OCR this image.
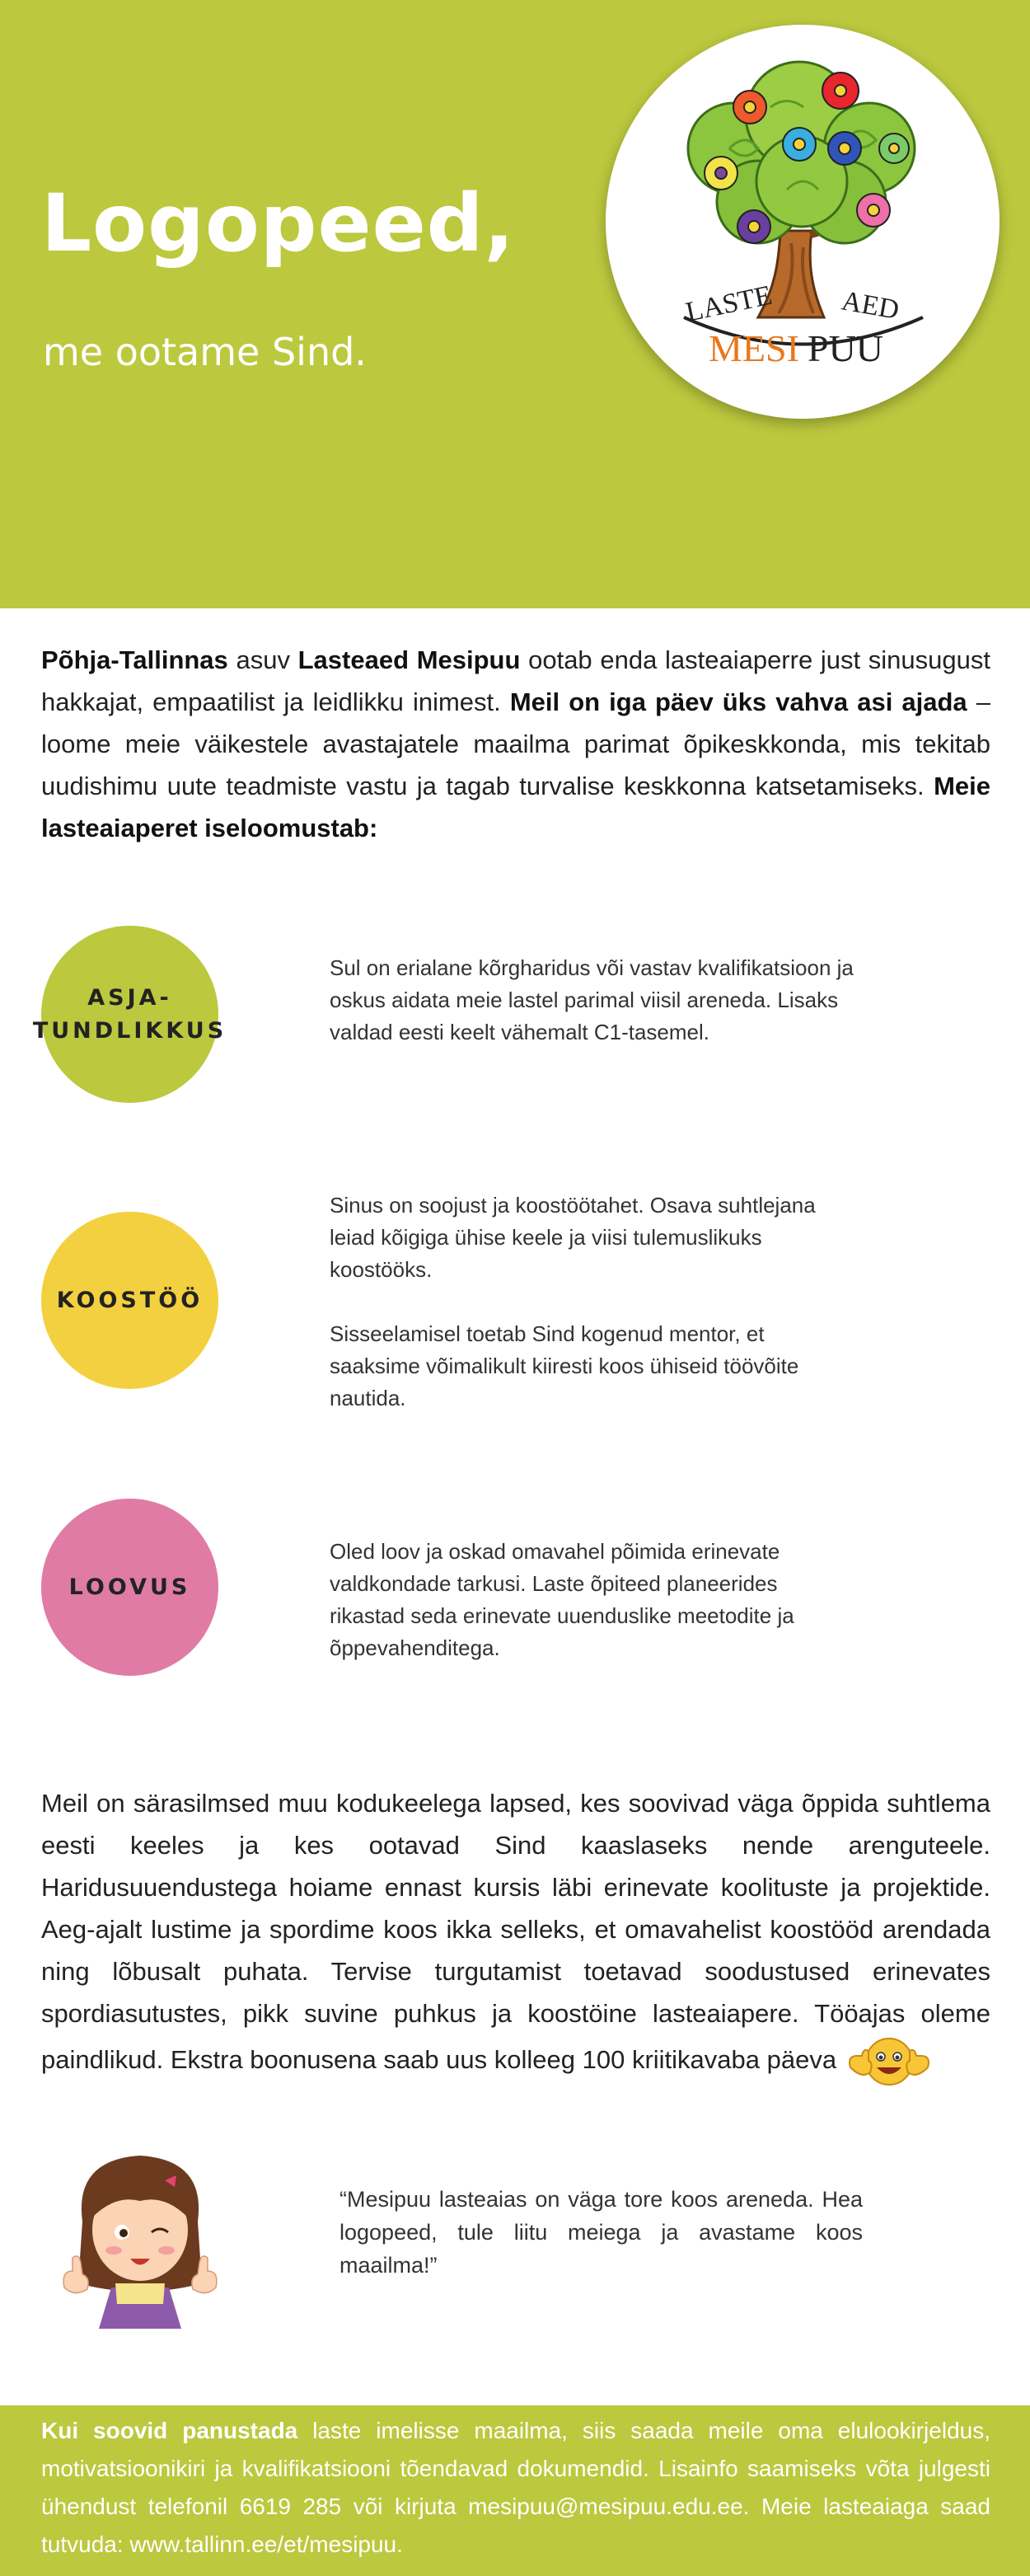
Logopeed,
me ootame Sind.
LASTE AED
MESI PUU
Põhja-Tallinnas asuv Lasteaed Mesipuu ootab enda lasteaiaperre just sinusugust hakkajat, empaatilist ja leidlikku inimest. Meil on iga päev üks vahva asi ajada – loome meie väikestele avastajatele maailma parimat õpikeskkonda, mis tekitab uudishimu uute teadmiste vastu ja tagab turvalise keskkonna katsetamiseks. Meie lasteaiaperet iseloomustab:
ASJA-
TUNDLIKKUS

Sul on erialane kõrgharidus või vastav kvalifikatsioon ja oskus aidata meie lastel parimal viisil areneda. Lisaks valdad eesti keelt vähemalt C1-tasemel.

KOOSTÖÖ

Sinus on soojust ja koostöötahet. Osava suhtlejana leiad kõigiga ühise keele ja viisi tulemuslikuks koostööks.

Sisseelamisel toetab Sind kogenud mentor, et saaksime võimalikult kiiresti koos ühiseid töövõite nautida.

LOOVUS

Oled loov ja oskad omavahel põimida erinevate valdkondade tarkusi. Laste õpiteed planeerides rikastad seda erinevate uuenduslike meetodite ja õppevahenditega.

Meil on särasilmsed muu kodukeelega lapsed, kes soovivad väga õppida suhtlema eesti keeles ja kes ootavad Sind kaaslaseks nende arenguteele. Haridusuuendustega hoiame ennast kursis läbi erinevate koolituste ja projektide. Aeg-ajalt lustime ja spordime koos ikka selleks, et omavahelist koostööd arendada ning lõbusalt puhata. Tervise turgutamist toetavad soodustused erinevates spordiasutustes, pikk suvine puhkus ja koostöine lasteaiapere. Tööajas oleme paindlikud. Ekstra boonusena saab uus kolleeg 100 kriitikavaba päeva
“Mesipuu lasteaias on väga tore koos areneda. Hea logopeed, tule liitu meiega ja avastame koos maailma!”
Kui soovid panustada laste imelisse maailma, siis saada meile oma elulookirjeldus, motivatsioonikiri ja kvalifikatsiooni tõendavad dokumendid. Lisainfo saamiseks võta julgesti ühendust telefonil 6619 285 või kirjuta mesipuu@mesipuu.edu.ee. Meie lasteaiaga saad tutvuda: www.tallinn.ee/et/mesipuu.
